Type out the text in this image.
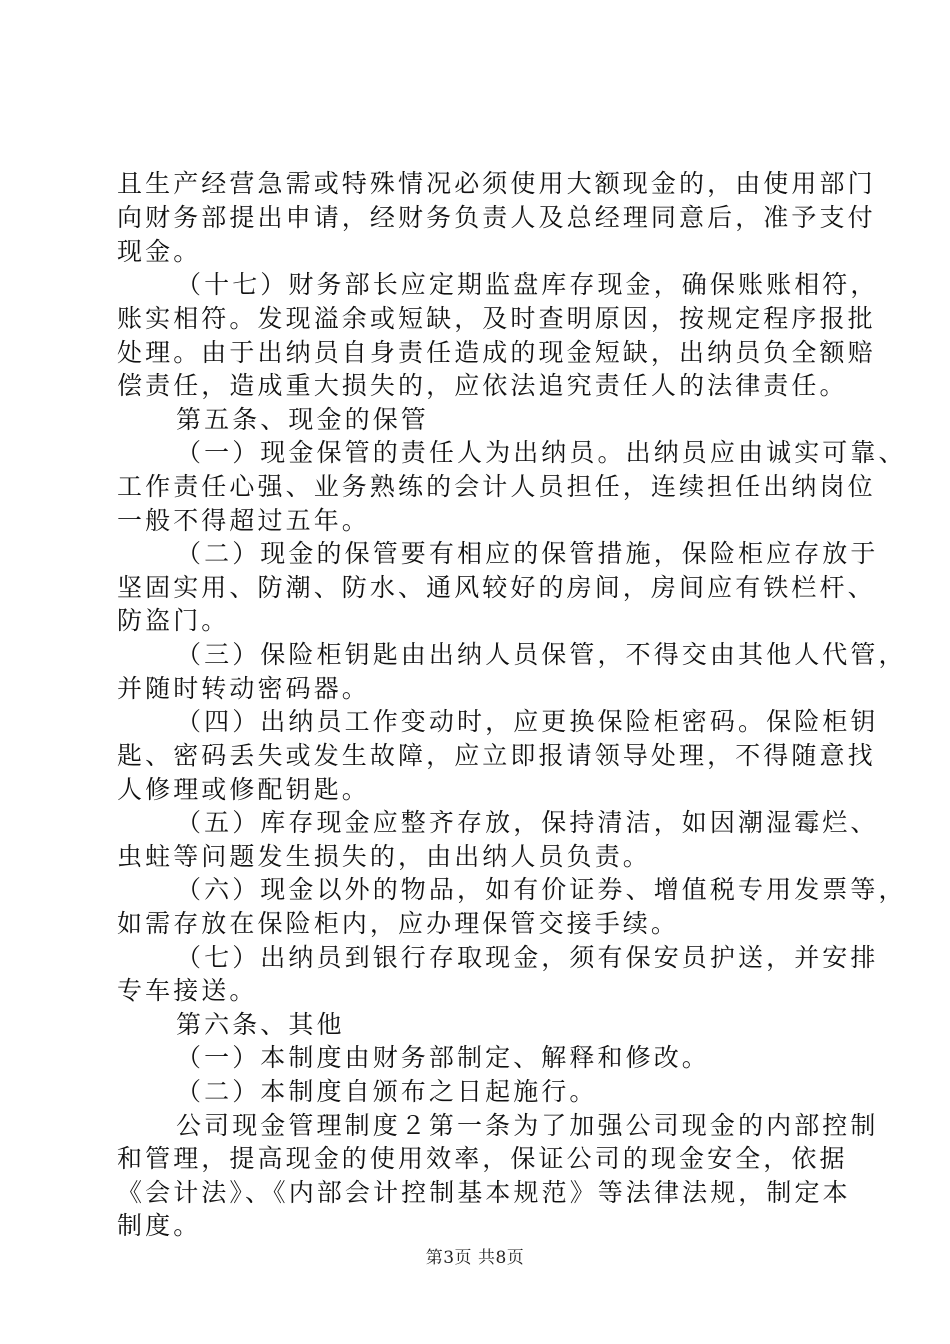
且生产经营急需或特殊情况必须使用大额现金的，由使用部门
向财务部提出申请，经财务负责人及总经理同意后，准予支付
现金。
（十七）财务部长应定期监盘库存现金，确保账账相符，
账实相符。发现溢余或短缺，及时查明原因，按规定程序报批
处理。由于出纳员自身责任造成的现金短缺，出纳员负全额赔
偿责任，造成重大损失的，应依法追究责任人的法律责任。
第五条、现金的保管
（一）现金保管的责任人为出纳员。出纳员应由诚实可靠、
工作责任心强、业务熟练的会计人员担任，连续担任出纳岗位
一般不得超过五年。
（二）现金的保管要有相应的保管措施，保险柜应存放于
坚固实用、防潮、防水、通风较好的房间，房间应有铁栏杆、
防盗门。
（三）保险柜钥匙由出纳人员保管，不得交由其他人代管，
并随时转动密码器。
（四）出纳员工作变动时，应更换保险柜密码。保险柜钥
匙、密码丢失或发生故障，应立即报请领导处理，不得随意找
人修理或修配钥匙。
（五）库存现金应整齐存放，保持清洁，如因潮湿霉烂、
虫蛀等问题发生损失的，由出纳人员负责。
（六）现金以外的物品，如有价证券、增值税专用发票等，
如需存放在保险柜内，应办理保管交接手续。
（七）出纳员到银行存取现金，须有保安员护送，并安排
专车接送。
第六条、其他
（一）本制度由财务部制定、解释和修改。
（二）本制度自颁布之日起施行。
公司现金管理制度２第一条为了加强公司现金的内部控制
和管理，提高现金的使用效率，保证公司的现金安全，依据
《会计法》、《内部会计控制基本规范》等法律法规，制定本
制度。
第3页 共8页
